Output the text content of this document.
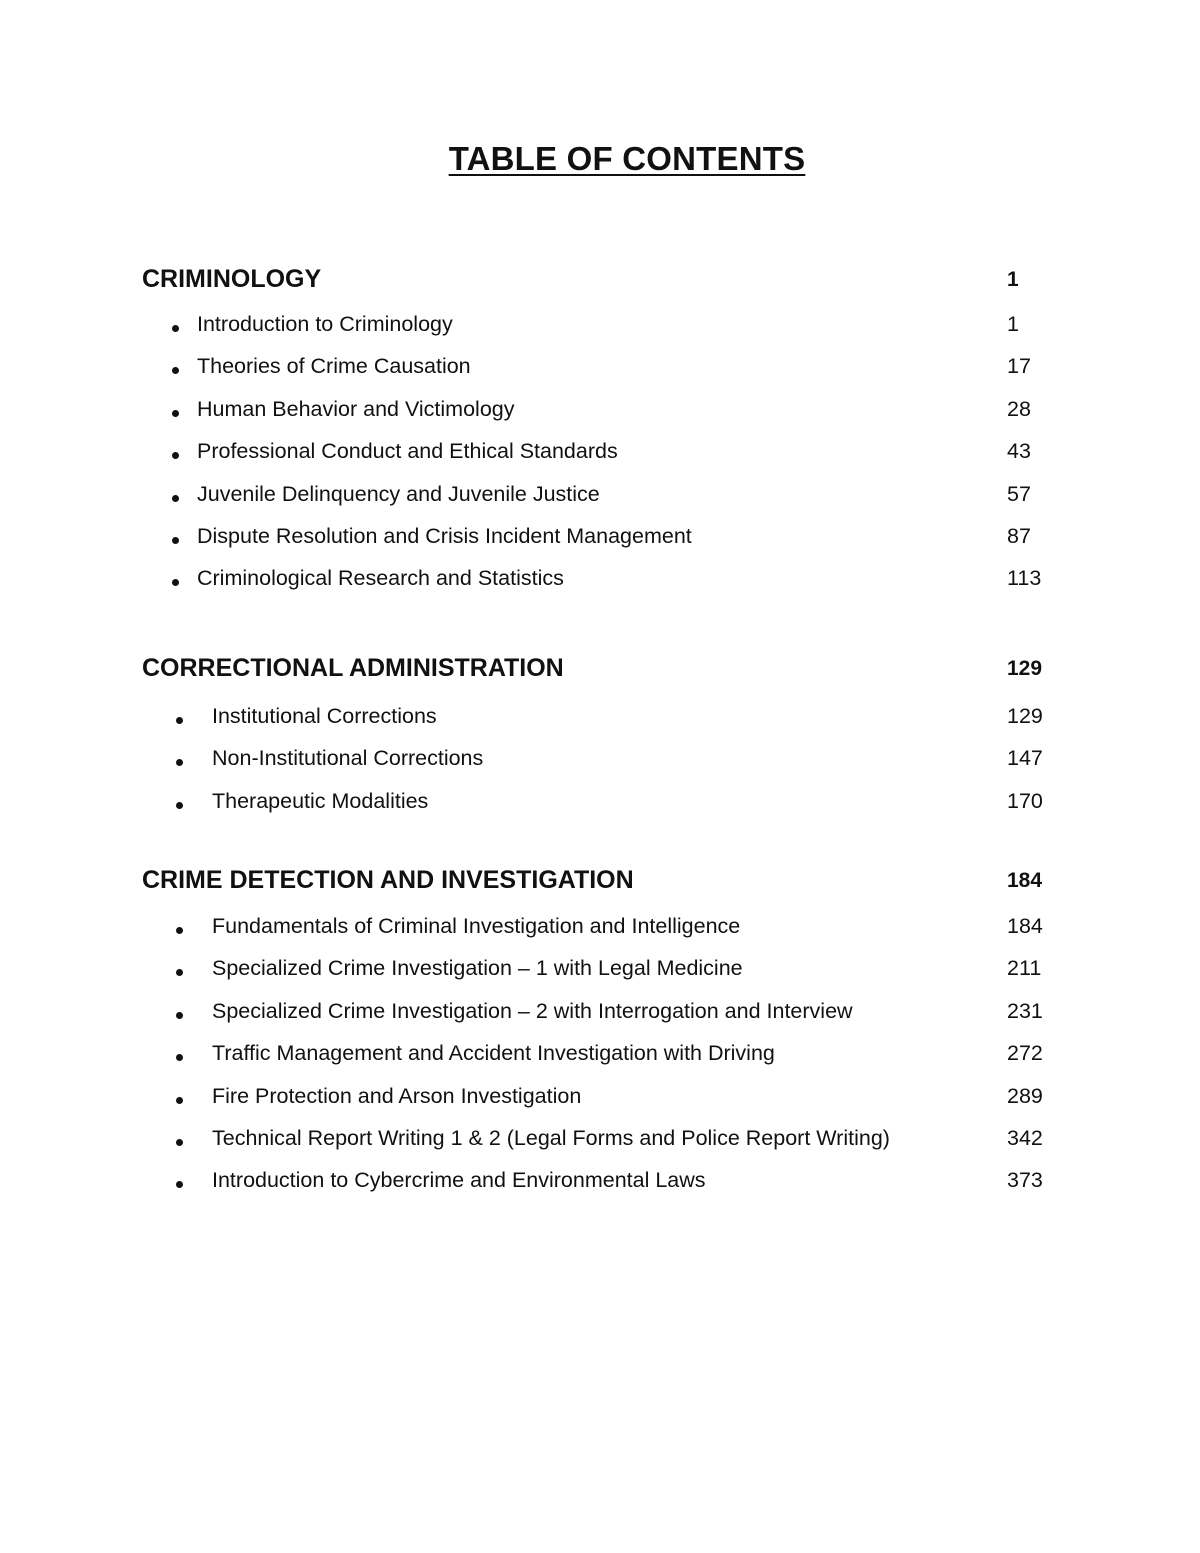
TABLE OF CONTENTS
CRIMINOLOGY	1
Introduction to Criminology	1
Theories of Crime Causation	17
Human Behavior and Victimology	28
Professional Conduct and Ethical Standards	43
Juvenile Delinquency and Juvenile Justice	57
Dispute Resolution and Crisis Incident Management	87
Criminological Research and Statistics	113
CORRECTIONAL ADMINISTRATION	129
Institutional Corrections	129
Non-Institutional Corrections	147
Therapeutic Modalities	170
CRIME DETECTION AND INVESTIGATION	184
Fundamentals of Criminal Investigation and Intelligence	184
Specialized Crime Investigation – 1 with Legal Medicine	211
Specialized Crime Investigation – 2 with Interrogation and Interview	231
Traffic Management and Accident Investigation with Driving	272
Fire Protection and Arson Investigation	289
Technical Report Writing 1 & 2 (Legal Forms and Police Report Writing)	342
Introduction to Cybercrime and Environmental Laws	373
